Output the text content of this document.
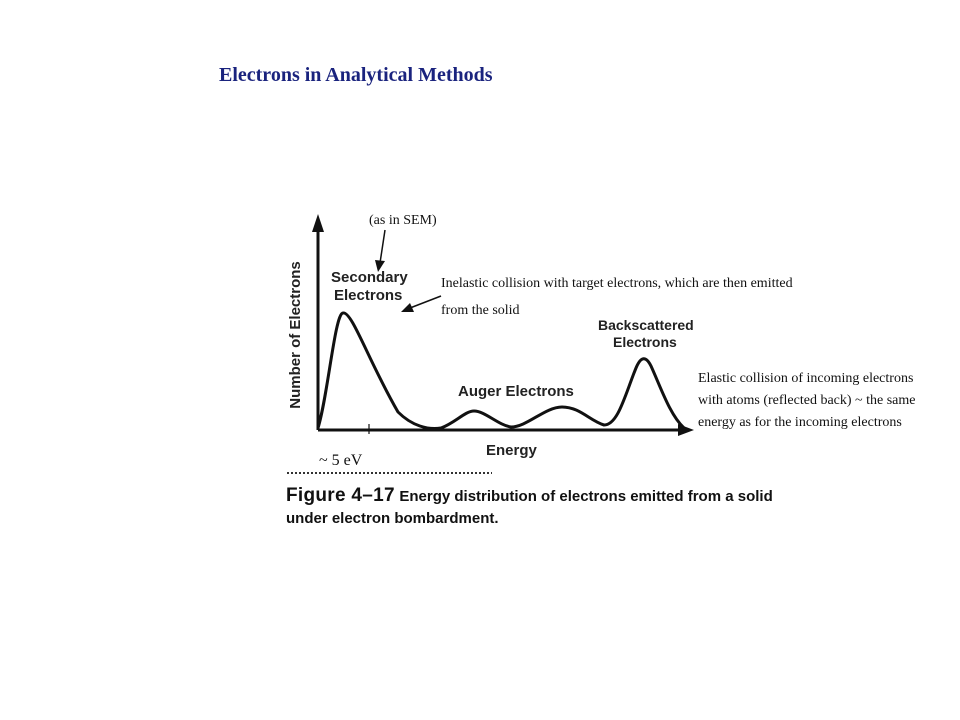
Electrons in Analytical Methods
Number of Electrons
Energy
Secondary
Electrons
Auger Electrons
Backscattered
Electrons
(as in SEM)
Inelastic collision with target electrons, which are then emitted from the solid
Elastic collision of incoming electrons with atoms (reflected back) ~ the same energy as for the incoming electrons
~ 5 eV
Figure 4–17 Energy distribution of electrons emitted from a solid
under electron bombardment.
